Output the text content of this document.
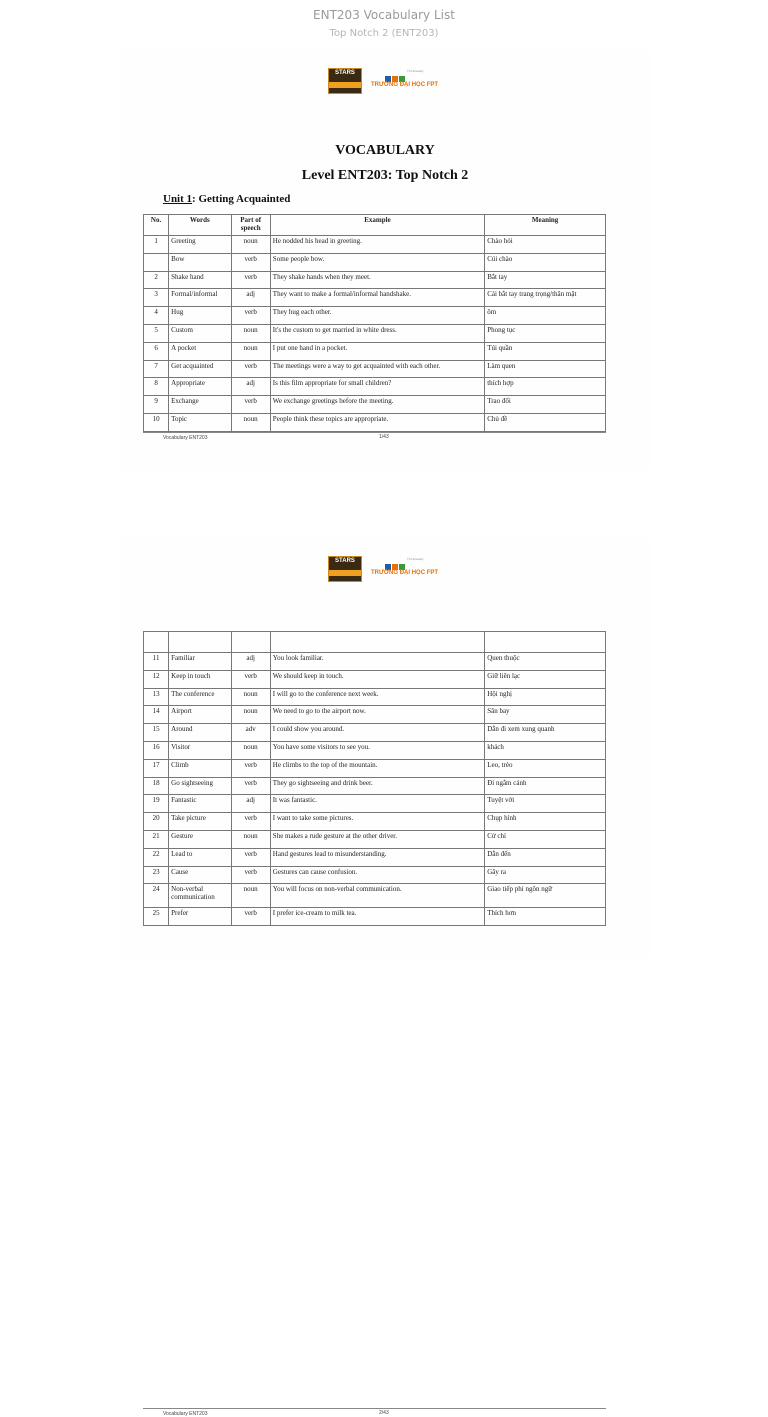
ENT203 Vocabulary List
Top Notch 2 (ENT203)
STARS	Tủ Univesity
TRƯỜNG ĐẠI HỌC FPT
VOCABULARY
Level ENT203: Top Notch 2
Unit 1: Getting Acquainted
No.	Words	Part of speech	Example	Meaning
1	Greeting	noun	He nodded his head in greeting.	Chào hỏi
	Bow	verb	Some people bow.	Cúi chào
2	Shake hand	verb	They shake hands when they meet.	Bắt tay
3	Formal/informal	adj	They want to make a formal/informal handshake.	Cái bắt tay trang trọng/thân mật
4	Hug	verb	They hug each other.	ôm
5	Custom	noun	It's the custom to get married in white dress.	Phong tục
6	A pocket	noun	I put one hand in a pocket.	Túi quần
7	Get acquainted	verb	The meetings were a way to get acquainted with each other.	Làm quen
8	Appropriate	adj	Is this film appropriate for small children?	thích hợp
9	Exchange	verb	We exchange greetings before the meeting.	Trao đổi
10	Topic	noun	People think these topics are appropriate.	Chủ đề
Vocabulary ENT203	1/43
STARS	Tủ Univesity
TRƯỜNG ĐẠI HỌC FPT

11	Familiar	adj	You look familiar.	Quen thuộc
12	Keep in touch	verb	We should keep in touch.	Giữ liên lạc
13	The conference	noun	I will go to the conference next week.	Hội nghị
14	Airport	noun	We need to go to the airport now.	Sân bay
15	Around	adv	I could show you around.	Dẫn đi xem xung quanh
16	Visitor	noun	You have some visitors to see you.	khách
17	Climb	verb	He climbs to the top of the mountain.	Leo, trèo
18	Go sightseeing	verb	They go sightseeing and drink beer.	Đi ngắm cảnh
19	Fantastic	adj	It was fantastic.	Tuyệt vời
20	Take picture	verb	I want to take some pictures.	Chụp hình
21	Gesture	noun	She makes a rude gesture at the other driver.	Cử chỉ
22	Lead to	verb	Hand gestures lead to misunderstanding.	Dẫn đến
23	Cause	verb	Gestures can cause confusion.	Gây ra
24	Non-verbal communication	noun	You will focus on non-verbal communication.	Giao tiếp phi ngôn ngữ
25	Prefer	verb	I prefer ice-cream to milk tea.	Thích hơn
Vocabulary ENT203	2/43
